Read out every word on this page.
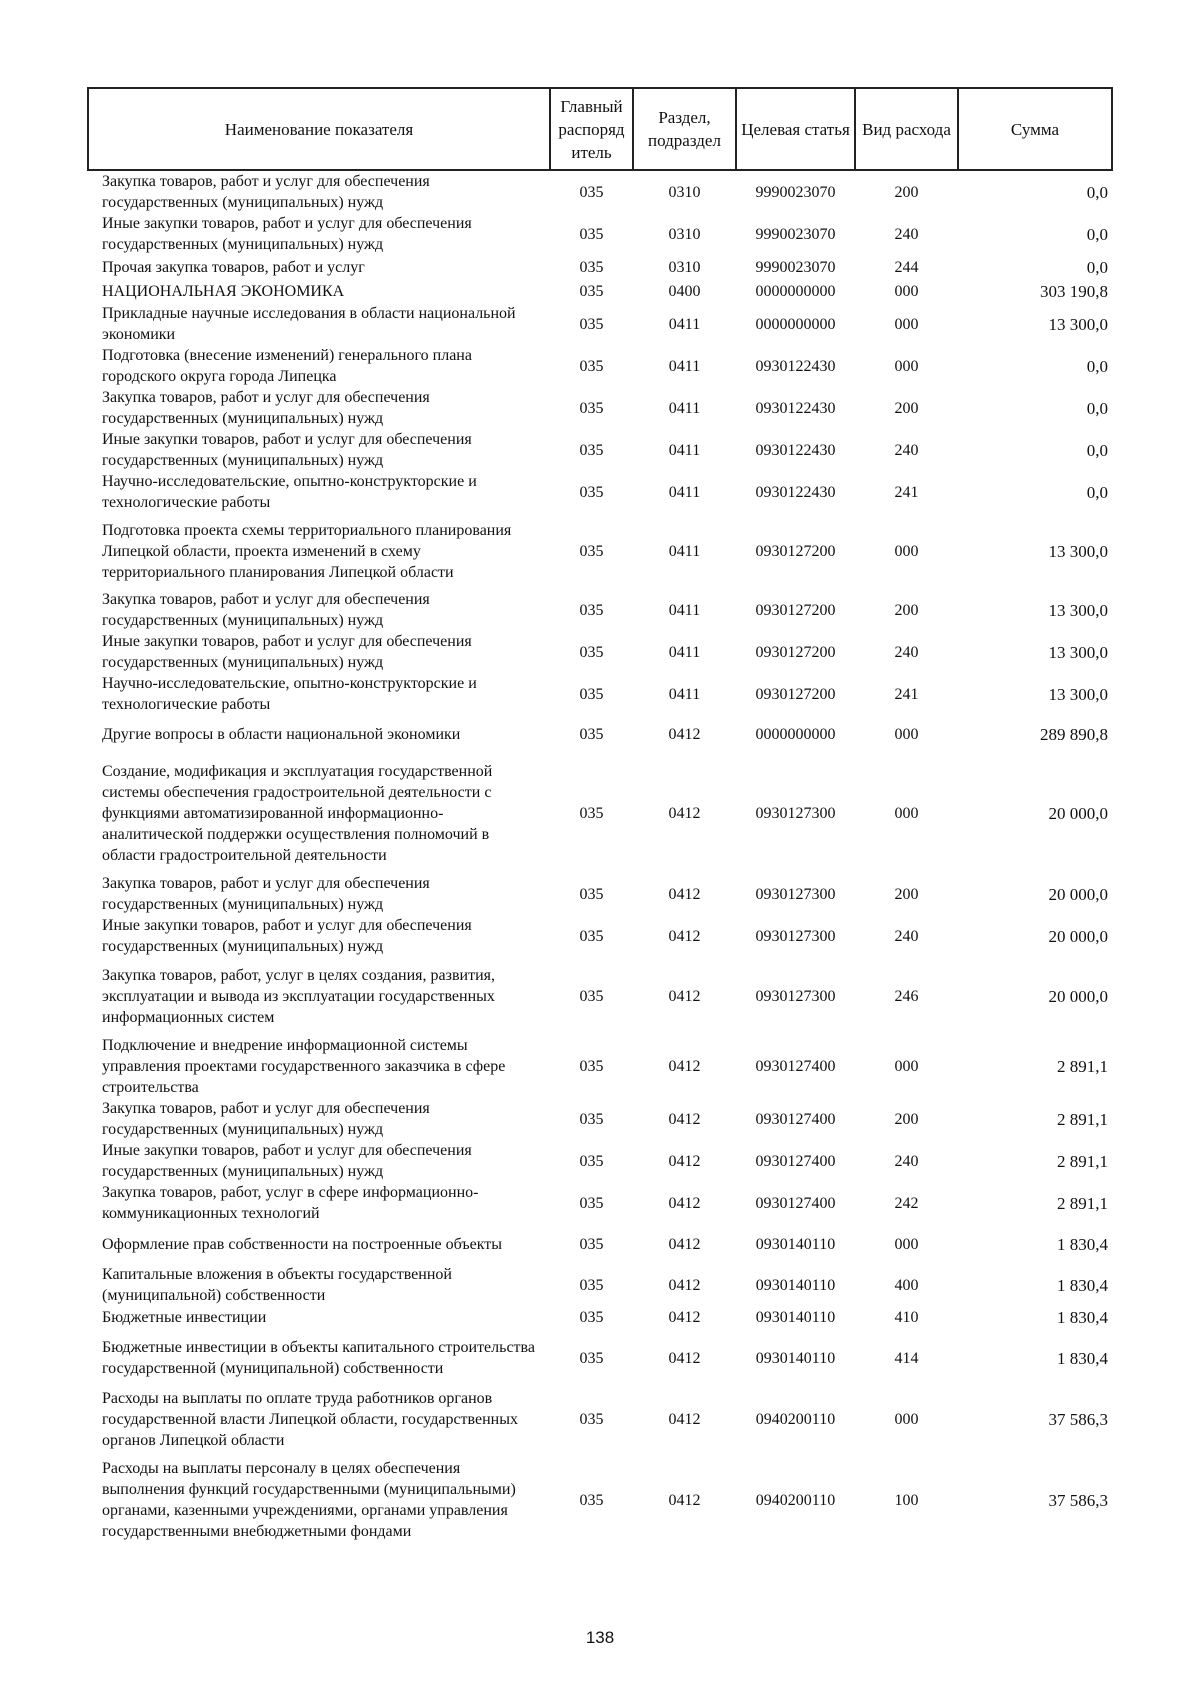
Наименование показателя	Главный распоряд итель	Раздел, подраздел	Целевая статья	Вид расхода	Сумма

Закупка товаров, работ и услуг для обеспечения государственных (муниципальных) нужд	035	0310	9990023070	200	0,0

Иные закупки товаров, работ и услуг для обеспечения государственных (муниципальных) нужд	035	0310	9990023070	240	0,0

Прочая закупка товаров, работ и услуг	035	0310	9990023070	244	0,0

НАЦИОНАЛЬНАЯ ЭКОНОМИКА	035	0400	0000000000	000	303 190,8

Прикладные научные исследования в области национальной экономики	035	0411	0000000000	000	13 300,0

Подготовка (внесение изменений) генерального плана городского округа города Липецка	035	0411	0930122430	000	0,0

Закупка товаров, работ и услуг для обеспечения государственных (муниципальных) нужд	035	0411	0930122430	200	0,0

Иные закупки товаров, работ и услуг для обеспечения государственных (муниципальных) нужд	035	0411	0930122430	240	0,0

Научно-исследовательские, опытно-конструкторские и технологические работы	035	0411	0930122430	241	0,0

Подготовка проекта схемы территориального планирования Липецкой области, проекта изменений в схему территориального планирования Липецкой области	035	0411	0930127200	000	13 300,0

Закупка товаров, работ и услуг для обеспечения государственных (муниципальных) нужд	035	0411	0930127200	200	13 300,0

Иные закупки товаров, работ и услуг для обеспечения государственных (муниципальных) нужд	035	0411	0930127200	240	13 300,0

Научно-исследовательские, опытно-конструкторские и технологические работы	035	0411	0930127200	241	13 300,0

Другие вопросы в области национальной экономики	035	0412	0000000000	000	289 890,8

Создание, модификация и эксплуатация государственной системы обеспечения градостроительной деятельности с функциями автоматизированной информационно-аналитической поддержки осуществления полномочий в области градостроительной деятельности	035	0412	0930127300	000	20 000,0

Закупка товаров, работ и услуг для обеспечения государственных (муниципальных) нужд	035	0412	0930127300	200	20 000,0

Иные закупки товаров, работ и услуг для обеспечения государственных (муниципальных) нужд	035	0412	0930127300	240	20 000,0

Закупка товаров, работ, услуг в целях создания, развития, эксплуатации и вывода из эксплуатации государственных информационных систем	035	0412	0930127300	246	20 000,0

Подключение и внедрение информационной системы управления проектами государственного заказчика в сфере строительства	035	0412	0930127400	000	2 891,1

Закупка товаров, работ и услуг для обеспечения государственных (муниципальных) нужд	035	0412	0930127400	200	2 891,1

Иные закупки товаров, работ и услуг для обеспечения государственных (муниципальных) нужд	035	0412	0930127400	240	2 891,1

Закупка товаров, работ, услуг в сфере информационно-коммуникационных технологий	035	0412	0930127400	242	2 891,1

Оформление прав собственности на построенные объекты	035	0412	0930140110	000	1 830,4

Капитальные вложения в объекты государственной (муниципальной) собственности	035	0412	0930140110	400	1 830,4

Бюджетные инвестиции	035	0412	0930140110	410	1 830,4

Бюджетные инвестиции в объекты капитального строительства государственной (муниципальной) собственности	035	0412	0930140110	414	1 830,4

Расходы на выплаты по оплате труда работников органов государственной власти Липецкой области, государственных органов Липецкой области	035	0412	0940200110	000	37 586,3

Расходы на выплаты персоналу в целях обеспечения выполнения функций государственными (муниципальными) органами, казенными учреждениями, органами управления государственными внебюджетными фондами	035	0412	0940200110	100	37 586,3
138
